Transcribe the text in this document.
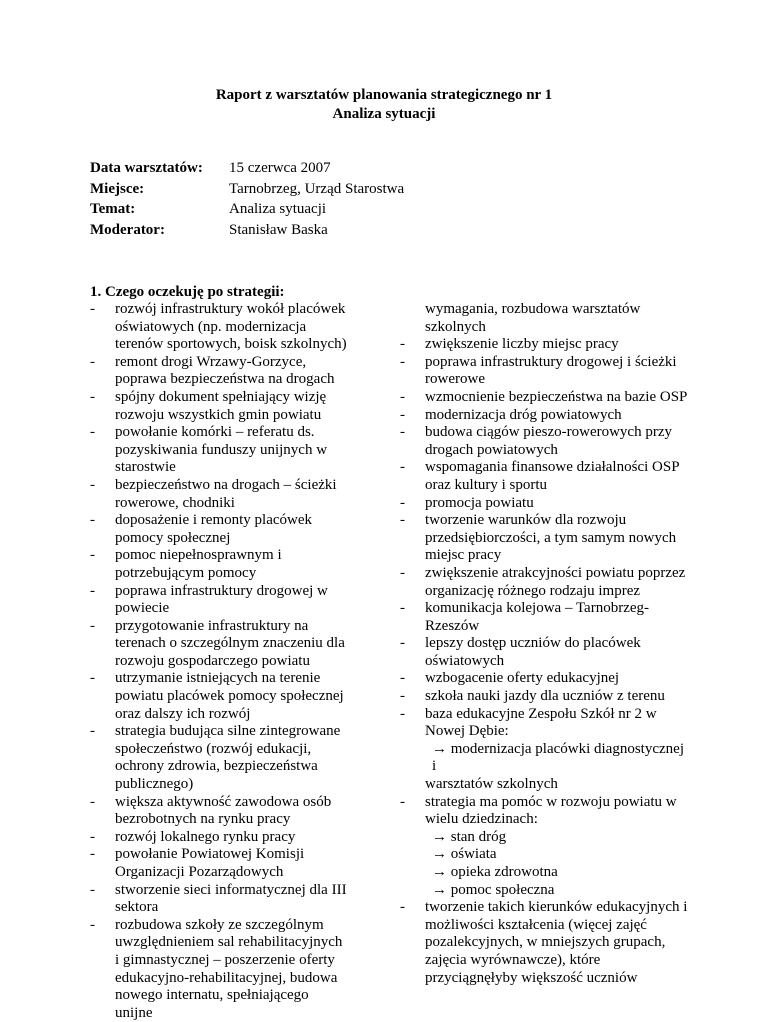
Raport z warsztatów planowania strategicznego nr 1
Analiza sytuacji
Data warsztatów:	15 czerwca 2007
Miejsce:	Tarnobrzeg, Urząd Starostwa
Temat:	Analiza sytuacji
Moderator:	Stanisław Baska
1. Czego oczekuję po strategii:
- rozwój infrastruktury wokół placówek oświatowych (np. modernizacja terenów sportowych, boisk szkolnych)
- remont drogi Wrzawy-Gorzyce, poprawa bezpieczeństwa na drogach
- spójny dokument spełniający wizję rozwoju wszystkich gmin powiatu
- powołanie komórki – referatu ds. pozyskiwania funduszy unijnych w starostwie
- bezpieczeństwo na drogach – ścieżki rowerowe, chodniki
- doposażenie i remonty placówek pomocy społecznej
- pomoc niepełnosprawnym i potrzebującym pomocy
- poprawa infrastruktury drogowej w powiecie
- przygotowanie infrastruktury na terenach o szczególnym znaczeniu dla rozwoju gospodarczego powiatu
- utrzymanie istniejących na terenie powiatu placówek pomocy społecznej oraz dalszy ich rozwój
- strategia budująca silne zintegrowane społeczeństwo (rozwój edukacji, ochrony zdrowia, bezpieczeństwa publicznego)
- większa aktywność zawodowa osób bezrobotnych na rynku pracy
- rozwój lokalnego rynku pracy
- powołanie Powiatowej Komisji Organizacji Pozarządowych
- stworzenie sieci informatycznej dla III sektora
- rozbudowa szkoły ze szczególnym uwzględnieniem sal rehabilitacyjnych i gimnastycznej – poszerzenie oferty edukacyjno-rehabilitacyjnej, budowa nowego internatu, spełniającego unijne
wymagania, rozbudowa warsztatów szkolnych
- zwiększenie liczby miejsc pracy
- poprawa infrastruktury drogowej i ścieżki rowerowe
- wzmocnienie bezpieczeństwa na bazie OSP
- modernizacja dróg powiatowych
- budowa ciągów pieszo-rowerowych przy drogach powiatowych
- wspomagania finansowe działalności OSP oraz kultury i sportu
- promocja powiatu
- tworzenie warunków dla rozwoju przedsiębiorczości, a tym samym nowych miejsc pracy
- zwiększenie atrakcyjności powiatu poprzez organizację różnego rodzaju imprez
- komunikacja kolejowa – Tarnobrzeg-Rzeszów
- lepszy dostęp uczniów do placówek oświatowych
- wzbogacenie oferty edukacyjnej
- szkoła nauki jazdy dla uczniów z terenu
- baza edukacyjne Zespołu Szkół nr 2 w Nowej Dębie:
→ modernizacja placówki diagnostycznej i
warsztatów szkolnych
- strategia ma pomóc w rozwoju powiatu w wielu dziedzinach:
→ stan dróg
→ oświata
→ opieka zdrowotna
→ pomoc społeczna
- tworzenie takich kierunków edukacyjnych i możliwości kształcenia (więcej zajęć pozalekcyjnych, w mniejszych grupach, zajęcia wyrównawcze), które przyciągnęłyby większość uczniów
